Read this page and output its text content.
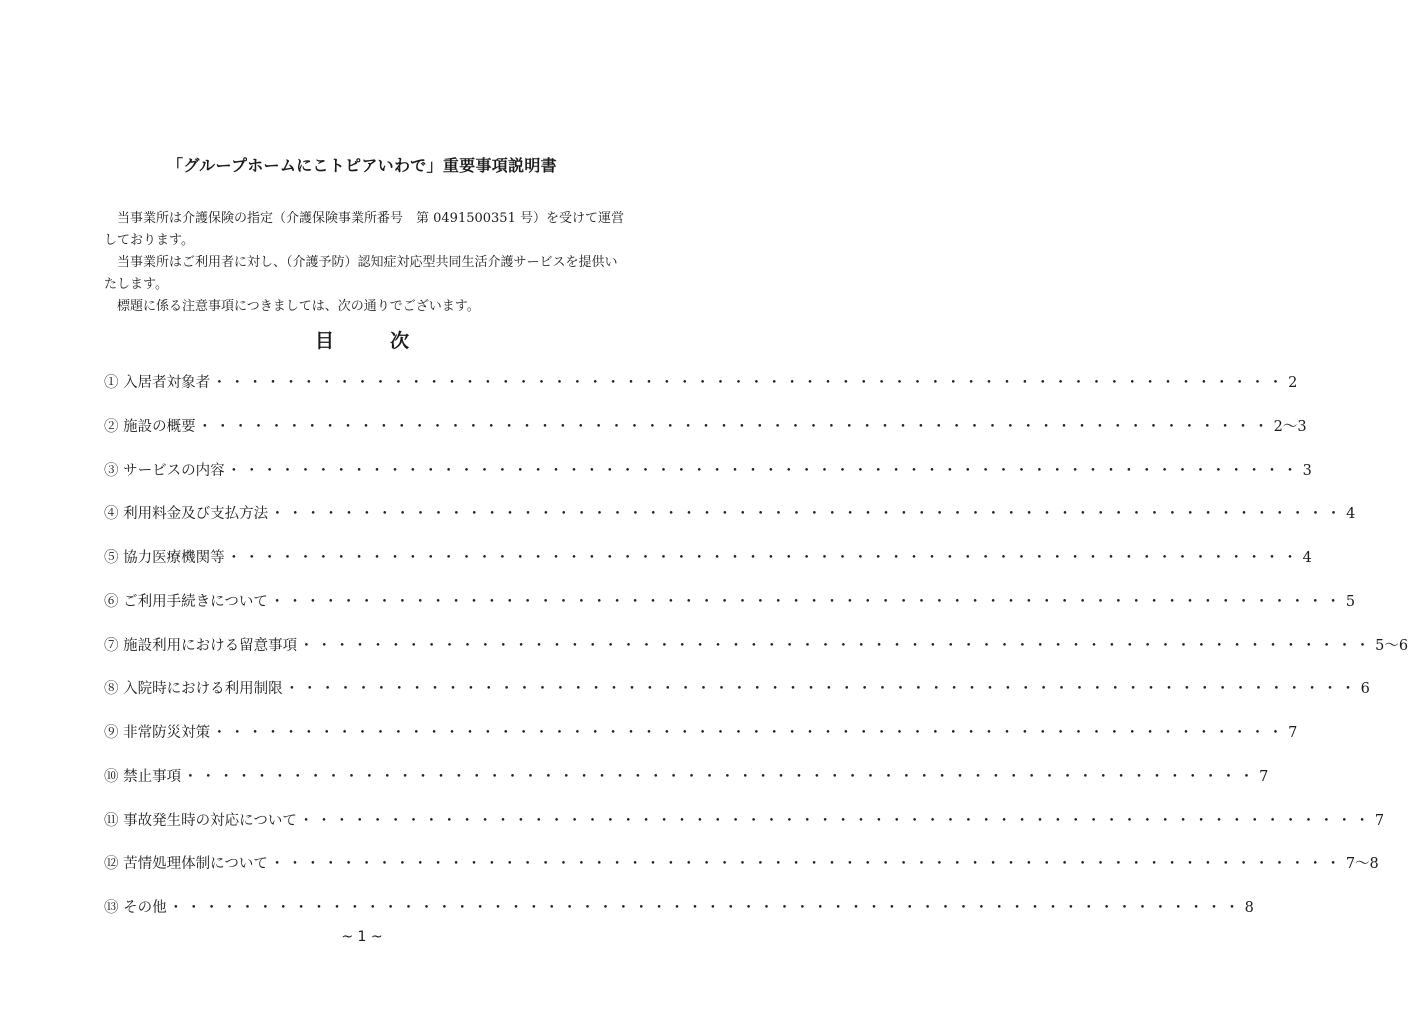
「グループホームにこトピアいわで」重要事項説明書

　当事業所は介護保険の指定（介護保険事業所番号　第 0491500351 号）を受けて運営しております。

　当事業所はご利用者に対し、（介護予防）認知症対応型共同生活介護サービスを提供いたします。

　標題に係る注意事項につきましては、次の通りでございます。

目	次
① 入居者対象者 ・・・・・・・・・・・・・・・・・・・・・・・・・・・・・・・・・・・・・・・・・・・・・・・・・・・・・・・・・・・・ 2
② 施設の概要 ・・・・・・・・・・・・・・・・・・・・・・・・・・・・・・・・・・・・・・・・・・・・・・・・・・・・・・・・・・・・ 2～3
③ サービスの内容 ・・・・・・・・・・・・・・・・・・・・・・・・・・・・・・・・・・・・・・・・・・・・・・・・・・・・・・・・・・・・ 3
④ 利用料金及び支払方法 ・・・・・・・・・・・・・・・・・・・・・・・・・・・・・・・・・・・・・・・・・・・・・・・・・・・・・・・・・・・・ 4
⑤ 協力医療機関等 ・・・・・・・・・・・・・・・・・・・・・・・・・・・・・・・・・・・・・・・・・・・・・・・・・・・・・・・・・・・・ 4
⑥ ご利用手続きについて ・・・・・・・・・・・・・・・・・・・・・・・・・・・・・・・・・・・・・・・・・・・・・・・・・・・・・・・・・・・・ 5
⑦ 施設利用における留意事項 ・・・・・・・・・・・・・・・・・・・・・・・・・・・・・・・・・・・・・・・・・・・・・・・・・・・・・・・・・・・・ 5～6
⑧ 入院時における利用制限 ・・・・・・・・・・・・・・・・・・・・・・・・・・・・・・・・・・・・・・・・・・・・・・・・・・・・・・・・・・・・ 6
⑨ 非常防災対策 ・・・・・・・・・・・・・・・・・・・・・・・・・・・・・・・・・・・・・・・・・・・・・・・・・・・・・・・・・・・・ 7
⑩ 禁止事項 ・・・・・・・・・・・・・・・・・・・・・・・・・・・・・・・・・・・・・・・・・・・・・・・・・・・・・・・・・・・・ 7
⑪ 事故発生時の対応について ・・・・・・・・・・・・・・・・・・・・・・・・・・・・・・・・・・・・・・・・・・・・・・・・・・・・・・・・・・・・ 7
⑫ 苦情処理体制について ・・・・・・・・・・・・・・・・・・・・・・・・・・・・・・・・・・・・・・・・・・・・・・・・・・・・・・・・・・・・ 7～8
⑬ その他 ・・・・・・・・・・・・・・・・・・・・・・・・・・・・・・・・・・・・・・・・・・・・・・・・・・・・・・・・・・・・ 8
~ 1 ~
